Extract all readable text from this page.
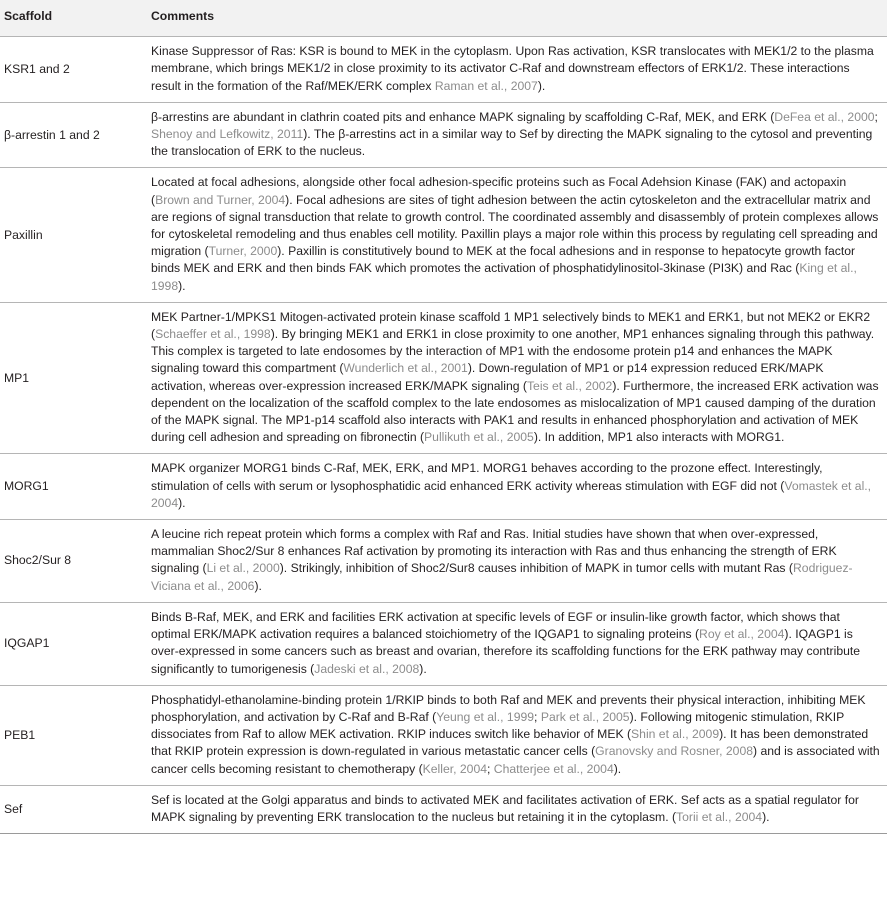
Scaffold	Comments
KSR1 and 2	Kinase Suppressor of Ras: KSR is bound to MEK in the cytoplasm. Upon Ras activation, KSR translocates with MEK1/2 to the plasma membrane, which brings MEK1/2 in close proximity to its activator C-Raf and downstream effectors of ERK1/2. These interactions result in the formation of the Raf/MEK/ERK complex Raman et al., 2007).
β-arrestin 1 and 2	β-arrestins are abundant in clathrin coated pits and enhance MAPK signaling by scaffolding C-Raf, MEK, and ERK (DeFea et al., 2000; Shenoy and Lefkowitz, 2011). The β-arrestins act in a similar way to Sef by directing the MAPK signaling to the cytosol and preventing the translocation of ERK to the nucleus.
Paxillin	Located at focal adhesions, alongside other focal adhesion-specific proteins such as Focal Adehsion Kinase (FAK) and actopaxin (Brown and Turner, 2004). Focal adhesions are sites of tight adhesion between the actin cytoskeleton and the extracellular matrix and are regions of signal transduction that relate to growth control. The coordinated assembly and disassembly of protein complexes allows for cytoskeletal remodeling and thus enables cell motility. Paxillin plays a major role within this process by regulating cell spreading and migration (Turner, 2000). Paxillin is constitutively bound to MEK at the focal adhesions and in response to hepatocyte growth factor binds MEK and ERK and then binds FAK which promotes the activation of phosphatidylinositol-3kinase (PI3K) and Rac (King et al., 1998).
MP1	MEK Partner-1/MPKS1 Mitogen-activated protein kinase scaffold 1 MP1 selectively binds to MEK1 and ERK1, but not MEK2 or EKR2 (Schaeffer et al., 1998). By bringing MEK1 and ERK1 in close proximity to one another, MP1 enhances signaling through this pathway. This complex is targeted to late endosomes by the interaction of MP1 with the endosome protein p14 and enhances the MAPK signaling toward this compartment (Wunderlich et al., 2001). Down-regulation of MP1 or p14 expression reduced ERK/MAPK activation, whereas over-expression increased ERK/MAPK signaling (Teis et al., 2002). Furthermore, the increased ERK activation was dependent on the localization of the scaffold complex to the late endosomes as mislocalization of MP1 caused damping of the duration of the MAPK signal. The MP1-p14 scaffold also interacts with PAK1 and results in enhanced phosphorylation and activation of MEK during cell adhesion and spreading on fibronectin (Pullikuth et al., 2005). In addition, MP1 also interacts with MORG1.
MORG1	MAPK organizer MORG1 binds C-Raf, MEK, ERK, and MP1. MORG1 behaves according to the prozone effect. Interestingly, stimulation of cells with serum or lysophosphatidic acid enhanced ERK activity whereas stimulation with EGF did not (Vomastek et al., 2004).
Shoc2/Sur 8	A leucine rich repeat protein which forms a complex with Raf and Ras. Initial studies have shown that when over-expressed, mammalian Shoc2/Sur 8 enhances Raf activation by promoting its interaction with Ras and thus enhancing the strength of ERK signaling (Li et al., 2000). Strikingly, inhibition of Shoc2/Sur8 causes inhibition of MAPK in tumor cells with mutant Ras (Rodriguez-Viciana et al., 2006).
IQGAP1	Binds B-Raf, MEK, and ERK and facilities ERK activation at specific levels of EGF or insulin-like growth factor, which shows that optimal ERK/MAPK activation requires a balanced stoichiometry of the IQGAP1 to signaling proteins (Roy et al., 2004). IQAGP1 is over-expressed in some cancers such as breast and ovarian, therefore its scaffolding functions for the ERK pathway may contribute significantly to tumorigenesis (Jadeski et al., 2008).
PEB1	Phosphatidyl-ethanolamine-binding protein 1/RKIP binds to both Raf and MEK and prevents their physical interaction, inhibiting MEK phosphorylation, and activation by C-Raf and B-Raf (Yeung et al., 1999; Park et al., 2005). Following mitogenic stimulation, RKIP dissociates from Raf to allow MEK activation. RKIP induces switch like behavior of MEK (Shin et al., 2009). It has been demonstrated that RKIP protein expression is down-regulated in various metastatic cancer cells (Granovsky and Rosner, 2008) and is associated with cancer cells becoming resistant to chemotherapy (Keller, 2004; Chatterjee et al., 2004).
Sef	Sef is located at the Golgi apparatus and binds to activated MEK and facilitates activation of ERK. Sef acts as a spatial regulator for MAPK signaling by preventing ERK translocation to the nucleus but retaining it in the cytoplasm. (Torii et al., 2004).
